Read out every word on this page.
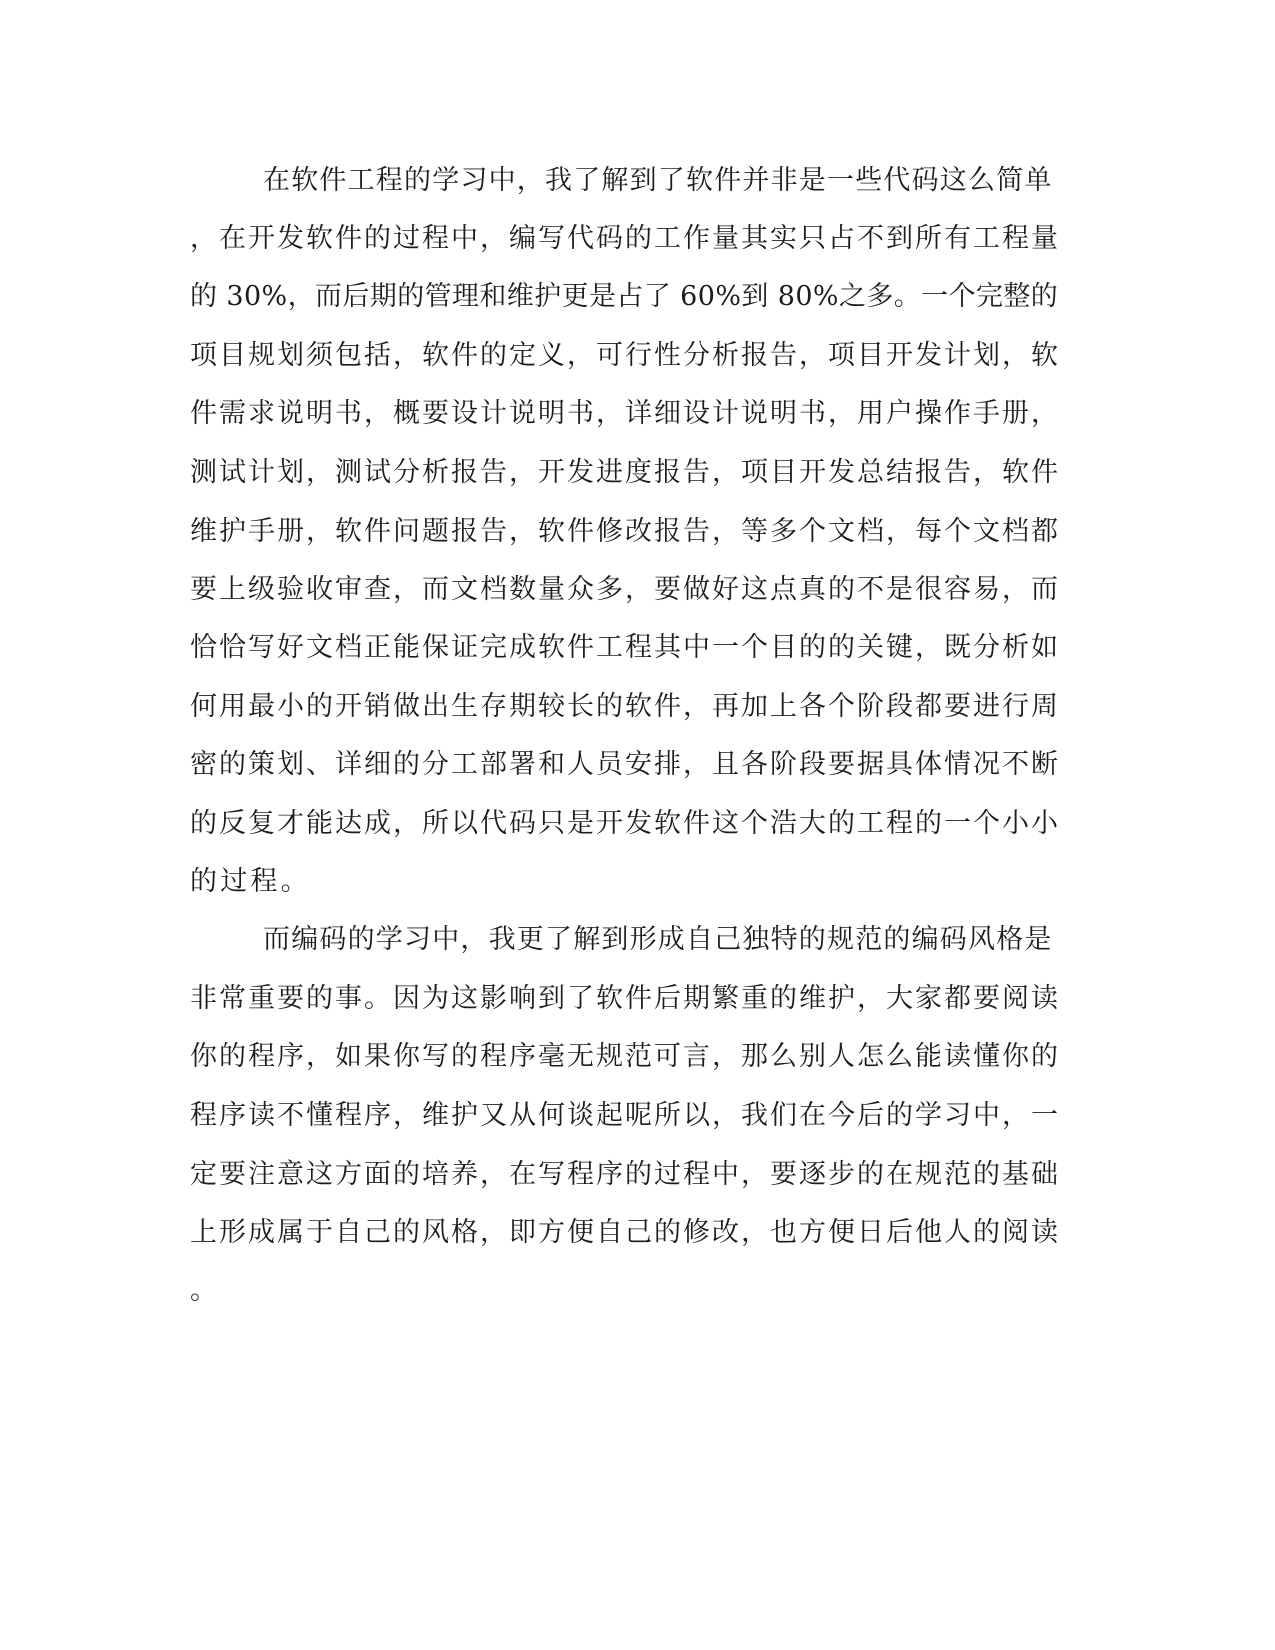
在软件工程的学习中，我了解到了软件并非是一些代码这么简单
，在开发软件的过程中，编写代码的工作量其实只占不到所有工程量
的 30%，而后期的管理和维护更是占了 60%到 80%之多。一个完整的
项目规划须包括，软件的定义，可行性分析报告，项目开发计划，软
件需求说明书，概要设计说明书，详细设计说明书，用户操作手册，
测试计划，测试分析报告，开发进度报告，项目开发总结报告，软件
维护手册，软件问题报告，软件修改报告，等多个文档，每个文档都
要上级验收审查，而文档数量众多，要做好这点真的不是很容易，而
恰恰写好文档正能保证完成软件工程其中一个目的的关键，既分析如
何用最小的开销做出生存期较长的软件，再加上各个阶段都要进行周
密的策划、详细的分工部署和人员安排，且各阶段要据具体情况不断
的反复才能达成，所以代码只是开发软件这个浩大的工程的一个小小
的过程。
而编码的学习中，我更了解到形成自己独特的规范的编码风格是
非常重要的事。因为这影响到了软件后期繁重的维护，大家都要阅读
你的程序，如果你写的程序毫无规范可言，那么别人怎么能读懂你的
程序读不懂程序，维护又从何谈起呢所以，我们在今后的学习中，一
定要注意这方面的培养，在写程序的过程中，要逐步的在规范的基础
上形成属于自己的风格，即方便自己的修改，也方便日后他人的阅读
。
